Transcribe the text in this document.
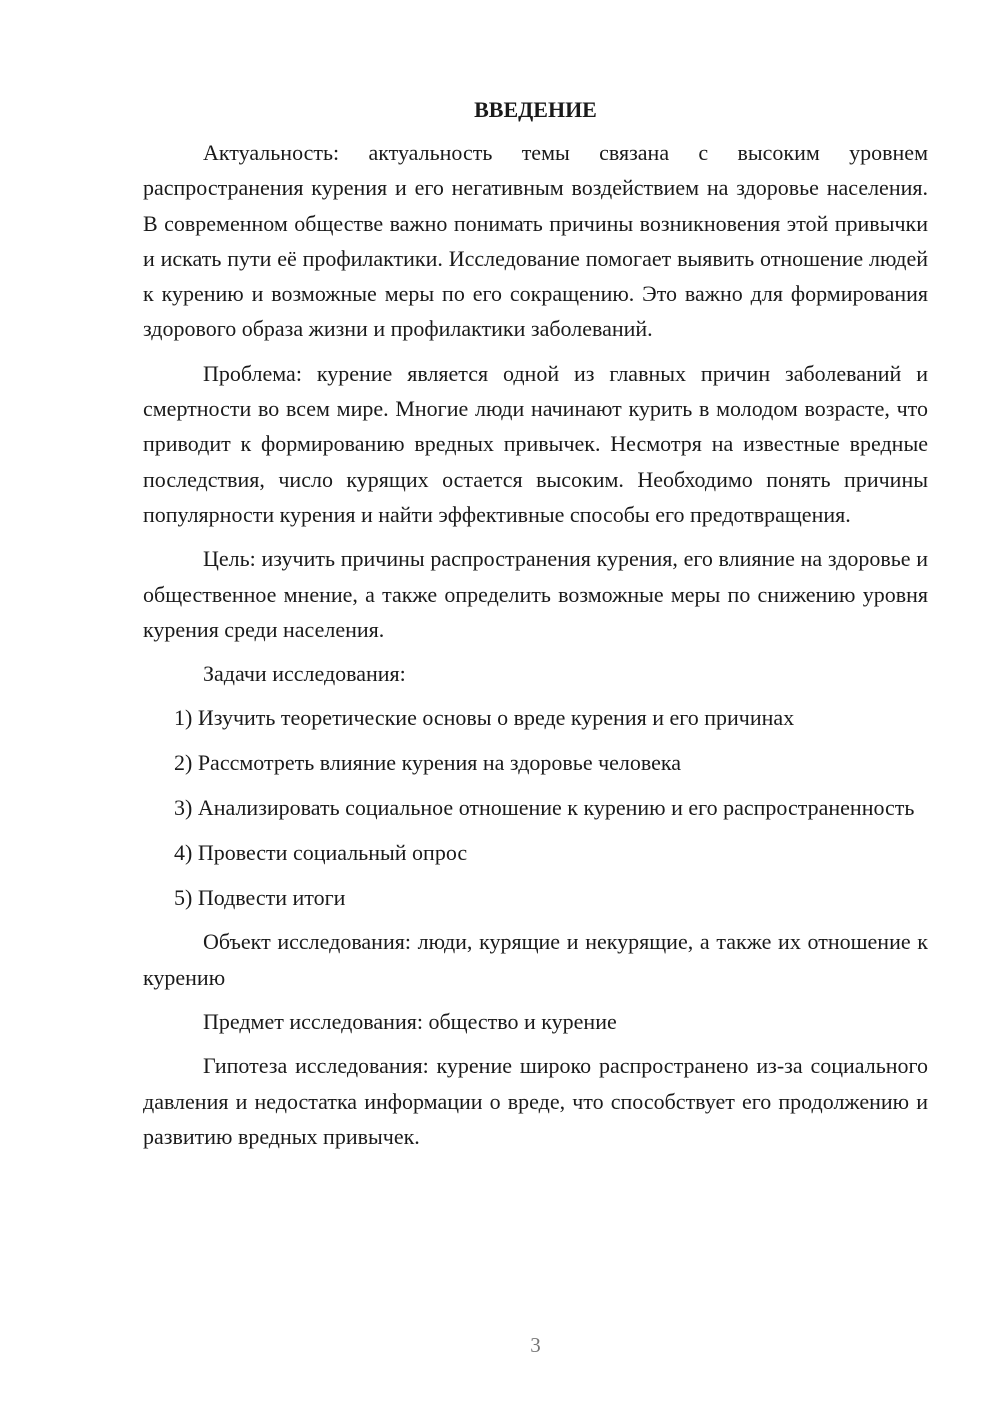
ВВЕДЕНИЕ

Актуальность: актуальность темы связана с высоким уровнем распространения курения и его негативным воздействием на здоровье населения. В современном обществе важно понимать причины возникновения этой привычки и искать пути её профилактики. Исследование помогает выявить отношение людей к курению и возможные меры по его сокращению. Это важно для формирования здорового образа жизни и профилактики заболеваний.

Проблема: курение является одной из главных причин заболеваний и смертности во всем мире. Многие люди начинают курить в молодом возрасте, что приводит к формированию вредных привычек. Несмотря на известные вредные последствия, число курящих остается высоким. Необходимо понять причины популярности курения и найти эффективные способы его предотвращения.

Цель: изучить причины распространения курения, его влияние на здоровье и общественное мнение, а также определить возможные меры по снижению уровня курения среди населения.

Задачи исследования:

1) Изучить теоретические основы о вреде курения и его причинах

2) Рассмотреть влияние курения на здоровье человека

3) Анализировать социальное отношение к курению и его распространенность

4) Провести социальный опрос

5) Подвести итоги

Объект исследования: люди, курящие и некурящие, а также их отношение к курению

Предмет исследования: общество и курение

Гипотеза исследования: курение широко распространено из-за социального давления и недостатка информации о вреде, что способствует его продолжению и развитию вредных привычек.

3
